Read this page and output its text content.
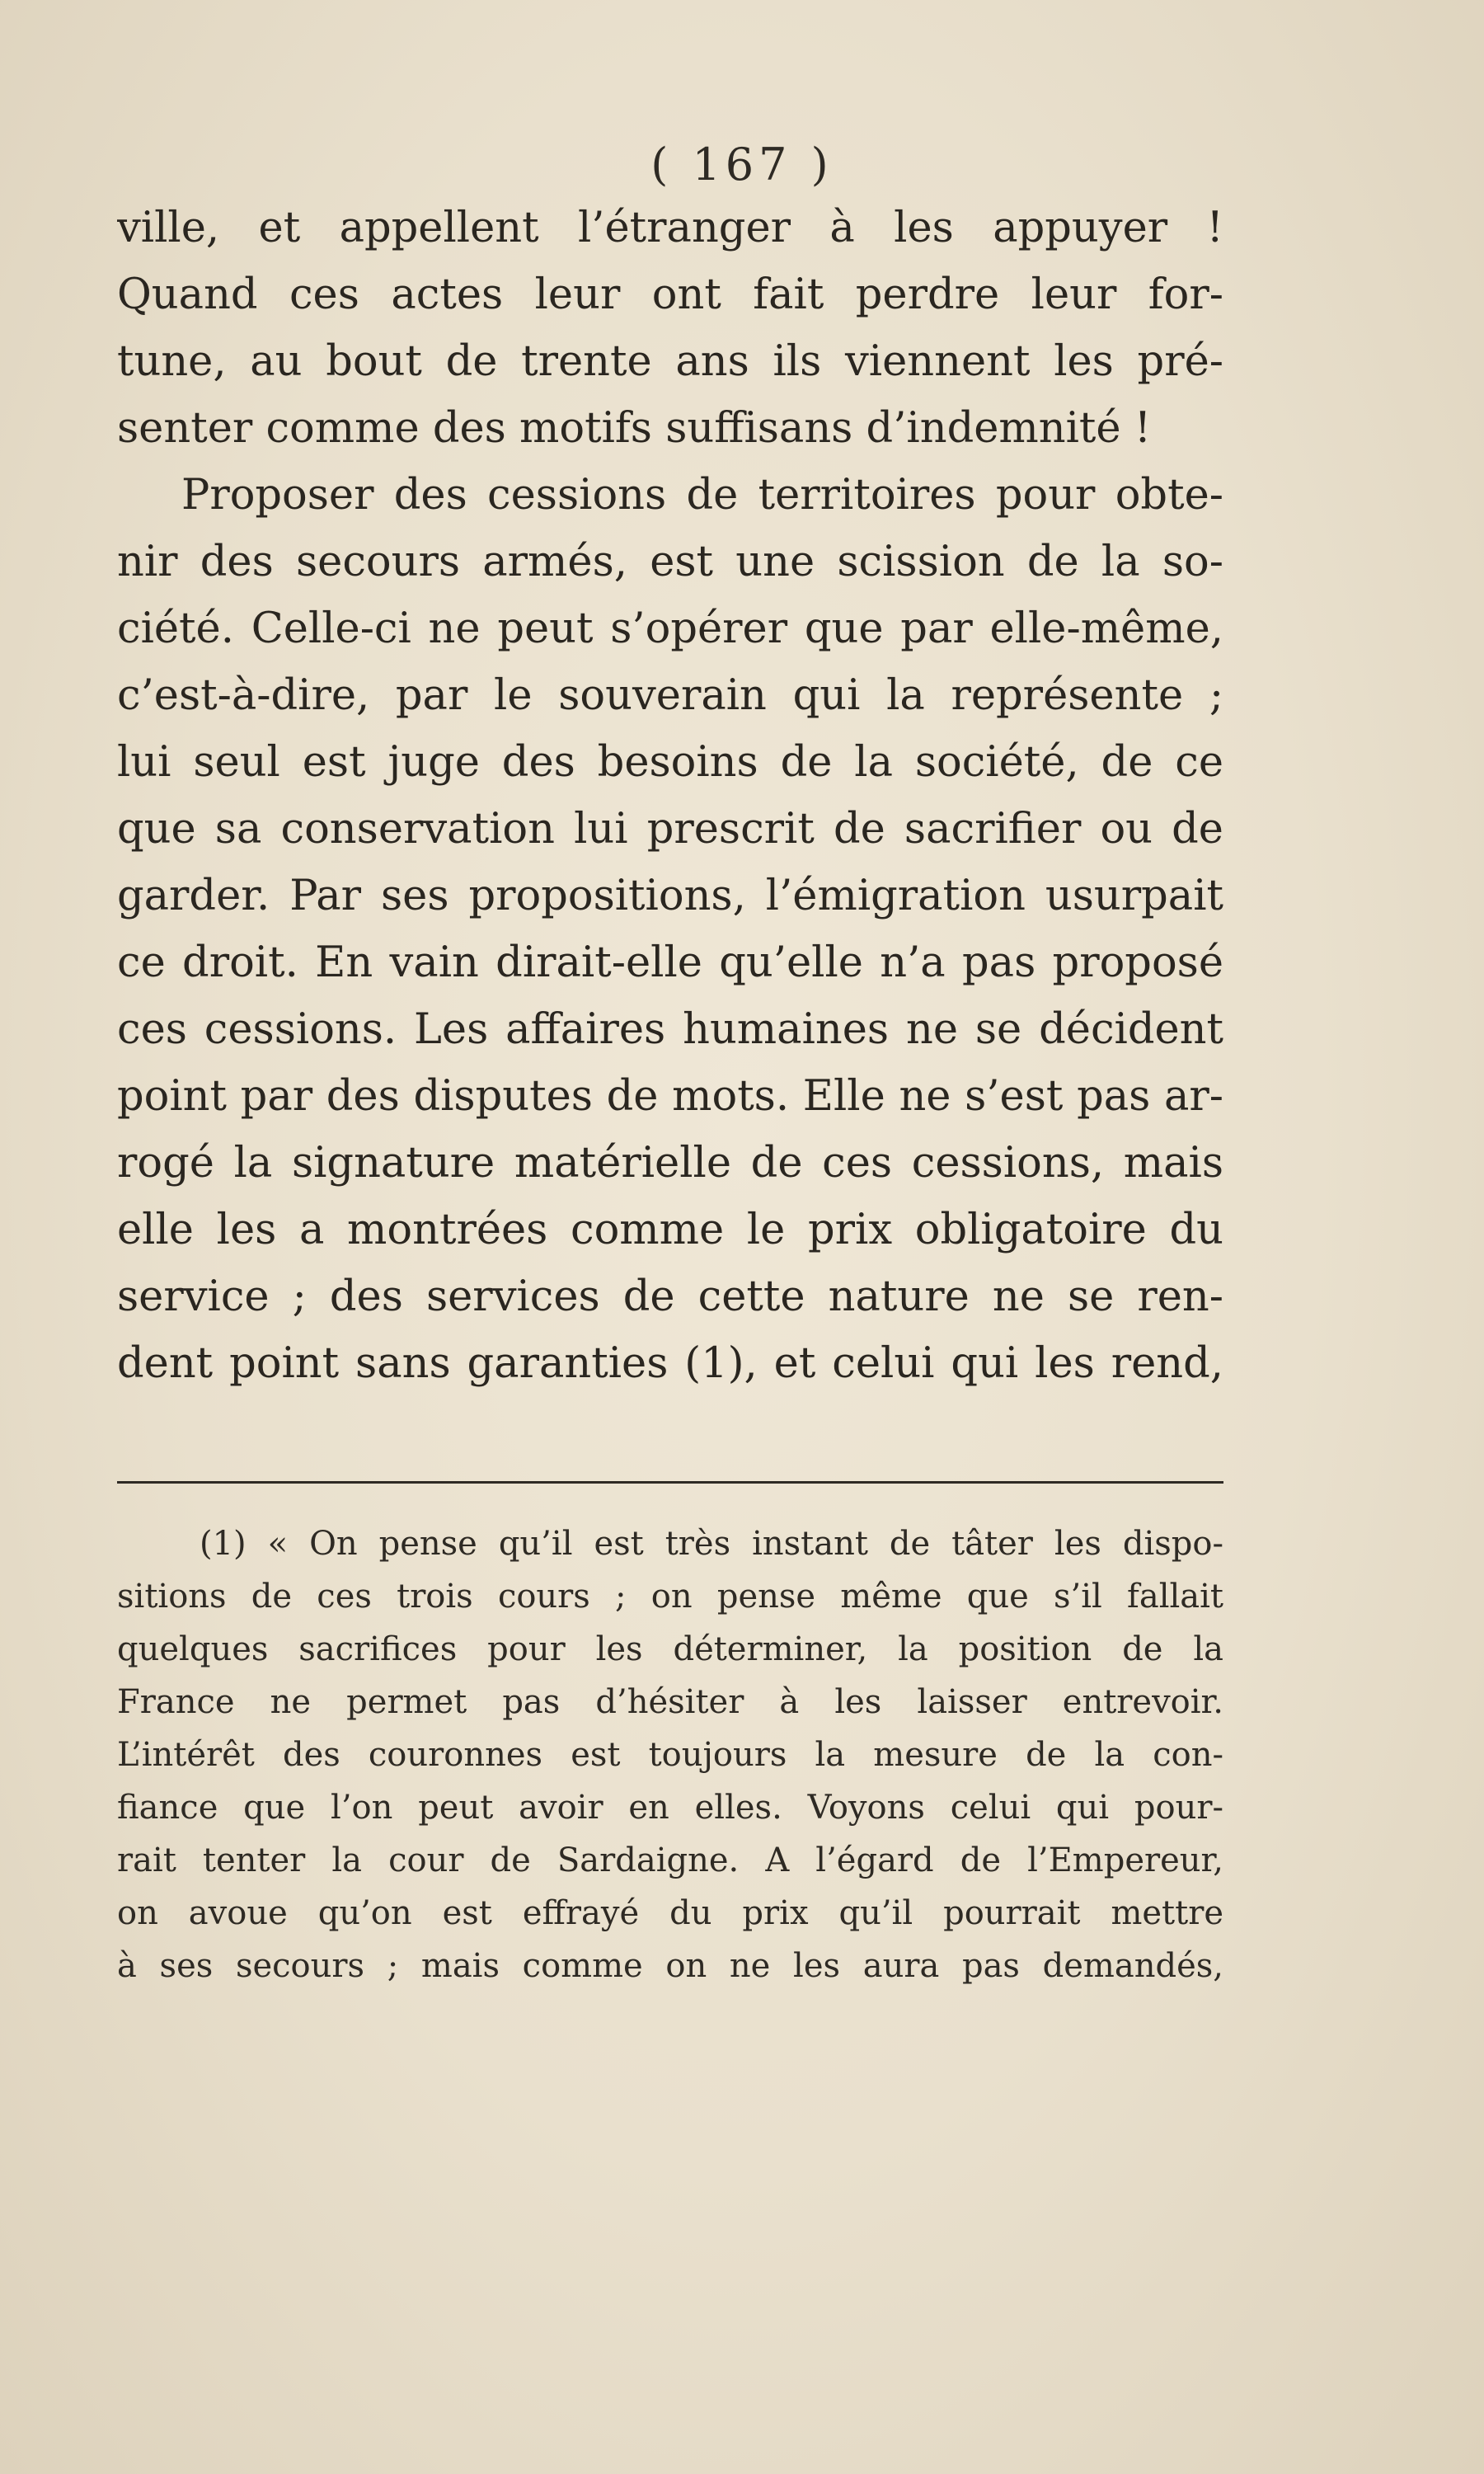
( 167 )
ville, et appellent l’étranger à les appuyer !
Quand ces actes leur ont fait perdre leur for-
tune, au bout de trente ans ils viennent les pré-
senter comme des motifs suffisans d’indemnité !
Proposer des cessions de territoires pour obte-
nir des secours armés, est une scission de la so-
ciété. Celle-ci ne peut s’opérer que par elle-même,
c’est-à-dire, par le souverain qui la représente ;
lui seul est juge des besoins de la société, de ce
que sa conservation lui prescrit de sacrifier ou de
garder. Par ses propositions, l’émigration usurpait
ce droit. En vain dirait-elle qu’elle n’a pas proposé
ces cessions. Les affaires humaines ne se décident
point par des disputes de mots. Elle ne s’est pas ar-
rogé la signature matérielle de ces cessions, mais
elle les a montrées comme le prix obligatoire du
service ; des services de cette nature ne se ren-
dent point sans garanties (1), et celui qui les rend,
(1) « On pense qu’il est très instant de tâter les dispo-
sitions de ces trois cours ; on pense même que s’il fallait
quelques sacrifices pour les déterminer, la position de la
France ne permet pas d’hésiter à les laisser entrevoir.
L’intérêt des couronnes est toujours la mesure de la con-
fiance que l’on peut avoir en elles. Voyons celui qui pour-
rait tenter la cour de Sardaigne. A l’égard de l’Empereur,
on avoue qu’on est effrayé du prix qu’il pourrait mettre
à ses secours ; mais comme on ne les aura pas demandés,
